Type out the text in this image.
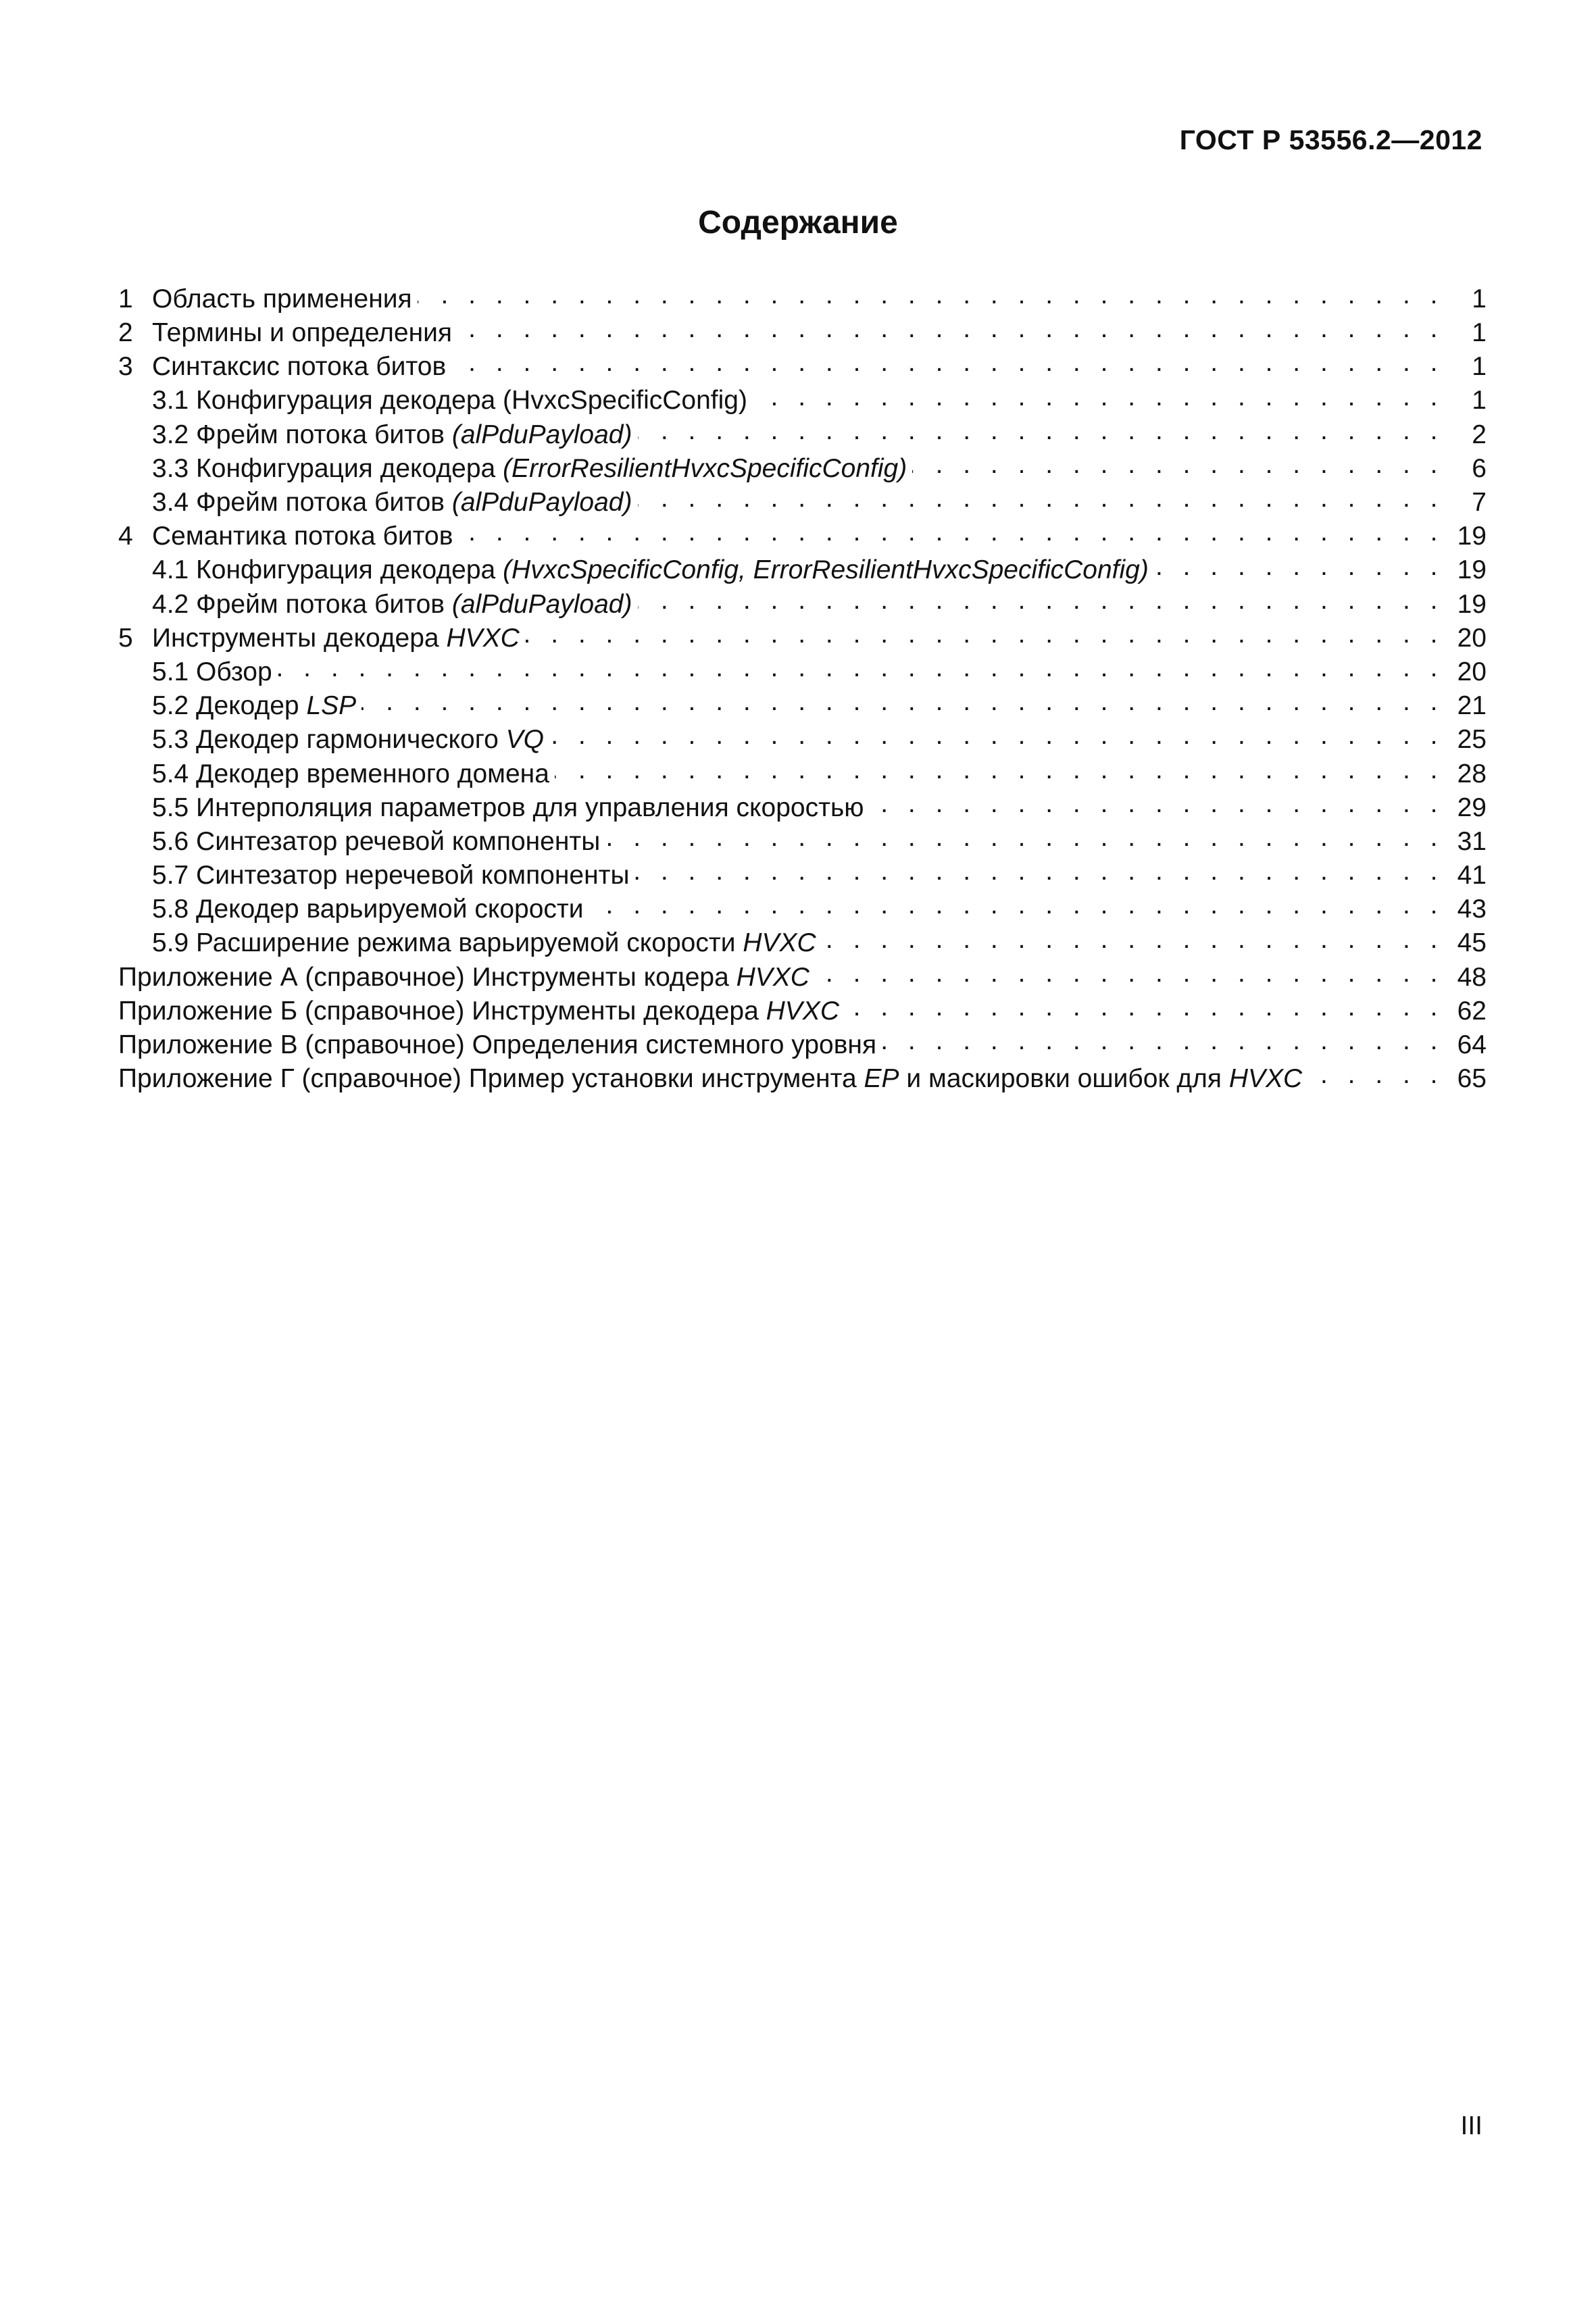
ГОСТ Р 53556.2—2012
Содержание
1 Область применения . . .	1
2 Термины и определения . . .	1
3 Синтаксис потока битов . . .	1
3.1 Конфигурация декодера (HvxcSpecificConfig) . . .	1
3.2 Фрейм потока битов (alPduPayload) . . .	2
3.3 Конфигурация декодера (ErrorResilientHvxcSpecificConfig) . . .	6
3.4 Фрейм потока битов (alPduPayload) . . .	7
4 Семантика потока битов . . .	19
4.1 Конфигурация декодера (HvxcSpecificConfig, ErrorResilientHvxcSpecificConfig) . . .	19
4.2 Фрейм потока битов (alPduPayload) . . .	19
5 Инструменты декодера HVXC . . .	20
5.1 Обзор . . .	20
5.2 Декодер LSP . . .	21
5.3 Декодер гармонического VQ . . .	25
5.4 Декодер временного домена . . .	28
5.5 Интерполяция параметров для управления скоростью . . .	29
5.6 Синтезатор речевой компоненты . . .	31
5.7 Синтезатор неречевой компоненты . . .	41
5.8 Декодер варьируемой скорости . . .	43
5.9 Расширение режима варьируемой скорости HVXC . . .	45
Приложение А (справочное) Инструменты кодера HVXC . . .	48
Приложение Б (справочное) Инструменты декодера HVXC . . .	62
Приложение В (справочное) Определения системного уровня . . .	64
Приложение Г (справочное) Пример установки инструмента EP и маскировки ошибок для HVXC . . .	65
III
